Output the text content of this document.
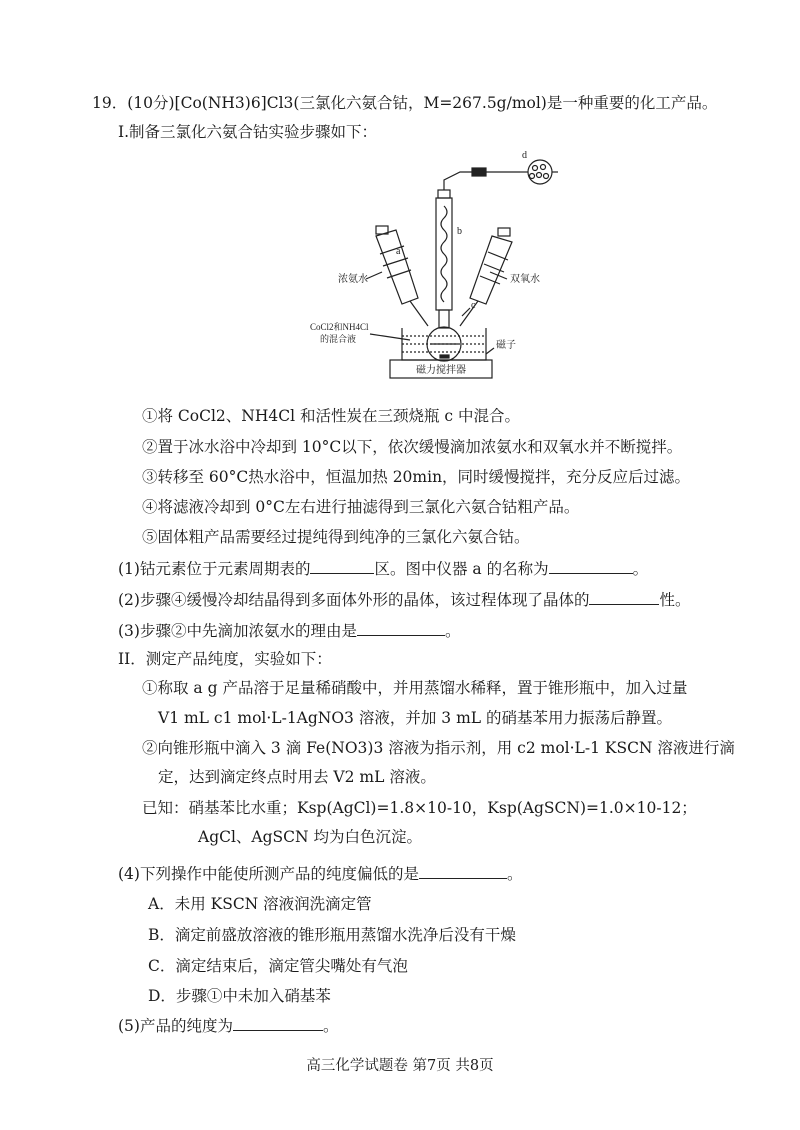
19．(10分)[Co(NH3)6]Cl3(三氯化六氨合钴，M=267.5g/mol)是一种重要的化工产品。
I.制备三氯化六氨合钴实验步骤如下：
a
b
c
d
浓氨水	双氧水
CoCl2和NH4Cl
的混合液
磁子
磁力搅拌器
①将 CoCl2、NH4Cl 和活性炭在三颈烧瓶 c 中混合。
②置于冰水浴中冷却到 10°C以下，依次缓慢滴加浓氨水和双氧水并不断搅拌。
③转移至 60°C热水浴中，恒温加热 20min，同时缓慢搅拌，充分反应后过滤。
④将滤液冷却到 0°C左右进行抽滤得到三氯化六氨合钴粗产品。
⑤固体粗产品需要经过提纯得到纯净的三氯化六氨合钴。
(1)钴元素位于元素周期表的	区。图中仪器 a 的名称为	。
(2)步骤④缓慢冷却结晶得到多面体外形的晶体，该过程体现了晶体的	性。
(3)步骤②中先滴加浓氨水的理由是	。
II．测定产品纯度，实验如下：
①称取 a g 产品溶于足量稀硝酸中，并用蒸馏水稀释，置于锥形瓶中，加入过量
V1 mL c1 mol·L-1AgNO3 溶液，并加 3 mL 的硝基苯用力振荡后静置。
②向锥形瓶中滴入 3 滴 Fe(NO3)3 溶液为指示剂，用 c2 mol·L-1 KSCN 溶液进行滴
定，达到滴定终点时用去 V2 mL 溶液。
已知：硝基苯比水重；Ksp(AgCl)=1.8×10-10，Ksp(AgSCN)=1.0×10-12；
AgCl、AgSCN 均为白色沉淀。
(4)下列操作中能使所测产品的纯度偏低的是	。
A．未用 KSCN 溶液润洗滴定管
B．滴定前盛放溶液的锥形瓶用蒸馏水洗净后没有干燥
C．滴定结束后，滴定管尖嘴处有气泡
D．步骤①中未加入硝基苯
(5)产品的纯度为	。
高三化学试题卷 第7页 共8页
